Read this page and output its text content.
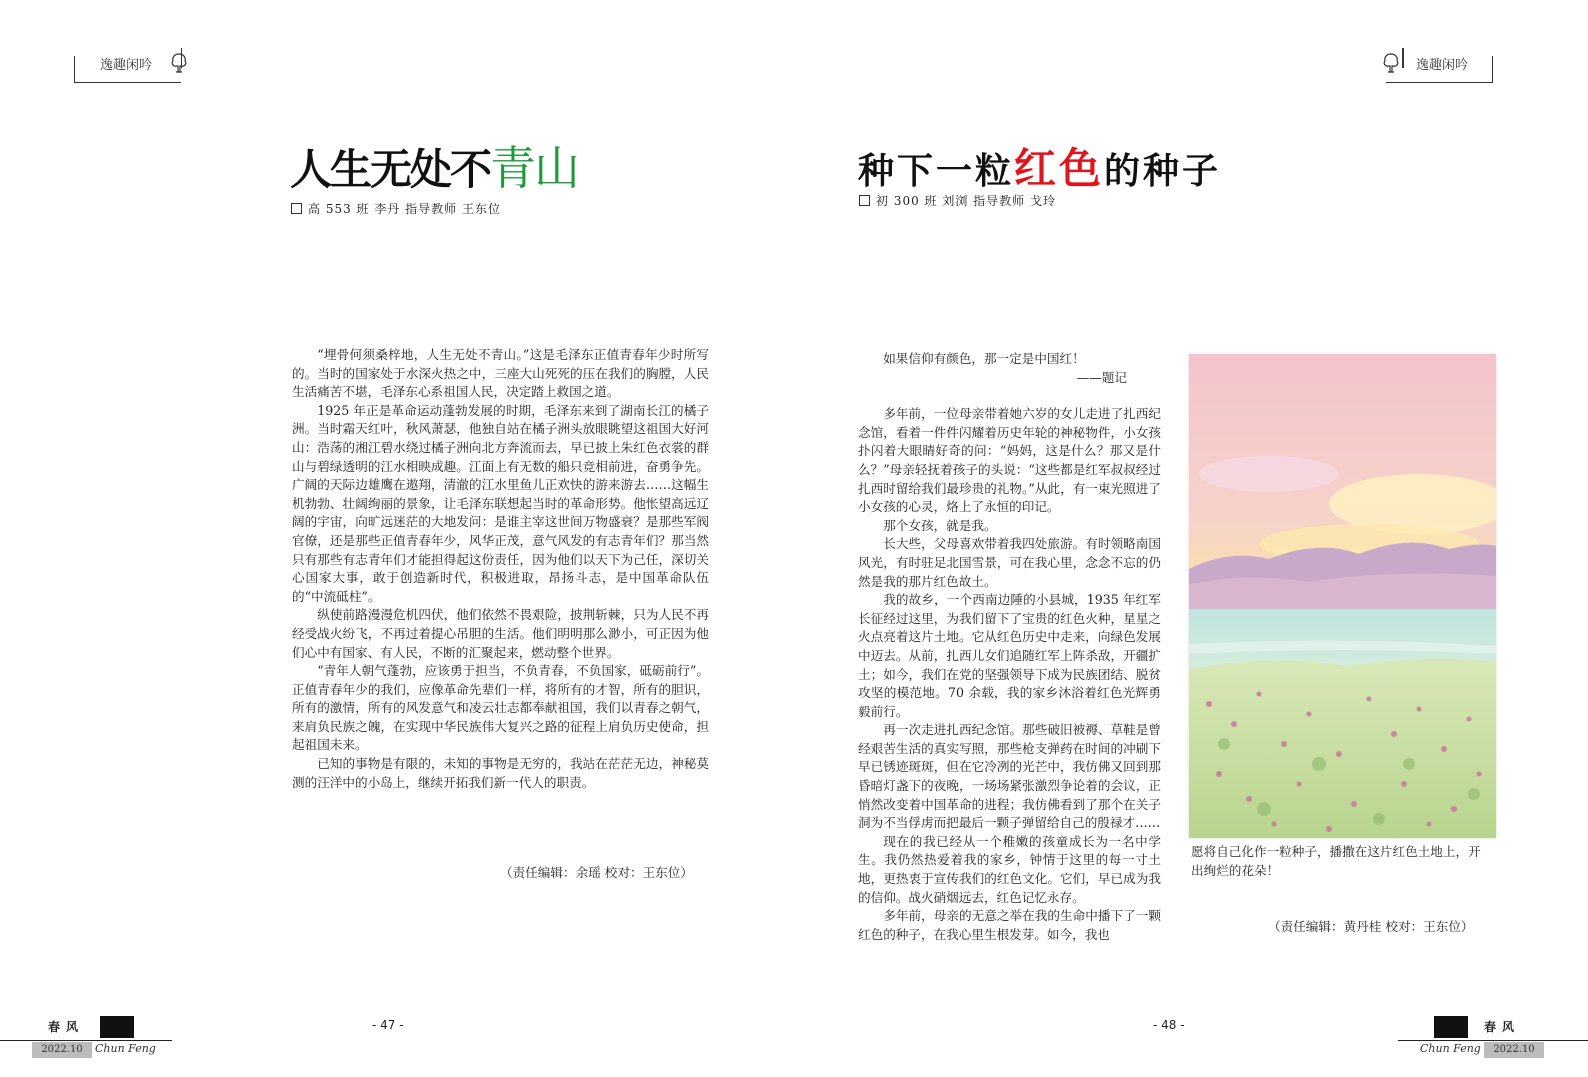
逸趣闲吟	逸趣闲吟
人生无处不青山
高 553 班 李丹 指导教师 王东位

“埋骨何须桑梓地，人生无处不青山。”这是毛泽东正值青春年少时所写的。当时的国家处于水深火热之中，三座大山死死的压在我们的胸膛，人民生活痛苦不堪，毛泽东心系祖国人民，决定踏上救国之道。

1925 年正是革命运动蓬勃发展的时期，毛泽东来到了湖南长江的橘子洲。当时霜天红叶，秋风萧瑟，他独自站在橘子洲头放眼眺望这祖国大好河山：浩荡的湘江碧水绕过橘子洲向北方奔流而去，早已披上朱红色衣裳的群山与碧绿透明的江水相映成趣。江面上有无数的船只竞相前进，奋勇争先。广阔的天际边雄鹰在遨翔，清澈的江水里鱼儿正欢快的游来游去……这幅生机勃勃、壮阔绚丽的景象，让毛泽东联想起当时的革命形势。他怅望高远辽阔的宇宙，向旷远迷茫的大地发问：是谁主宰这世间万物盛衰？是那些军阀官僚，还是那些正值青春年少，风华正茂，意气风发的有志青年们？那当然只有那些有志青年们才能担得起这份责任，因为他们以天下为己任，深切关心国家大事，敢于创造新时代，积极进取，昂扬斗志，是中国革命队伍的“中流砥柱”。

纵使前路漫漫危机四伏，他们依然不畏艰险，披荆斩棘，只为人民不再经受战火纷飞，不再过着提心吊胆的生活。他们明明那么渺小，可正因为他们心中有国家、有人民，不断的汇聚起来，燃动整个世界。

“青年人朝气蓬勃，应该勇于担当，不负青春，不负国家，砥砺前行”。正值青春年少的我们，应像革命先辈们一样，将所有的才智，所有的胆识，所有的激情，所有的风发意气和凌云壮志都奉献祖国，我们以青春之朝气，来肩负民族之魄，在实现中华民族伟大复兴之路的征程上肩负历史使命，担起祖国未来。

已知的事物是有限的，未知的事物是无穷的，我站在茫茫无边，神秘莫测的汪洋中的小岛上，继续开拓我们新一代人的职责。

（责任编辑：余瑶 校对：王东位）
种下一粒红色的种子
初 300 班 刘浏 指导教师 戈玲

如果信仰有颜色，那一定是中国红！

——题记

多年前，一位母亲带着她六岁的女儿走进了扎西纪念馆，看着一件件闪耀着历史年轮的神秘物件，小女孩扑闪着大眼睛好奇的问：“妈妈，这是什么？那又是什么？”母亲轻抚着孩子的头说：“这些都是红军叔叔经过扎西时留给我们最珍贵的礼物。”从此，有一束光照进了小女孩的心灵，烙上了永恒的印记。

那个女孩，就是我。

长大些，父母喜欢带着我四处旅游。有时领略南国风光，有时驻足北国雪景，可在我心里，念念不忘的仍然是我的那片红色故土。

我的故乡，一个西南边陲的小县城，1935 年红军长征经过这里，为我们留下了宝贵的红色火种，星星之火点亮着这片土地。它从红色历史中走来，向绿色发展中迈去。从前，扎西儿女们追随红军上阵杀敌，开疆扩土；如今，我们在党的坚强领导下成为民族团结、脱贫攻坚的模范地。70 余载，我的家乡沐浴着红色光辉勇毅前行。

再一次走进扎西纪念馆。那些破旧被褥、草鞋是曾经艰苦生活的真实写照，那些枪支弹药在时间的冲刷下早已锈迹斑斑，但在它冷冽的光芒中，我仿佛又回到那昏暗灯盏下的夜晚，一场场紧张激烈争论着的会议，正悄然改变着中国革命的进程；我仿佛看到了那个在关子洞为不当俘虏而把最后一颗子弹留给自己的殷禄才……

现在的我已经从一个稚嫩的孩童成长为一名中学生。我仍然热爱着我的家乡，钟情于这里的每一寸土地，更热衷于宣传我们的红色文化。它们，早已成为我的信仰。战火硝烟远去，红色记忆永存。

多年前，母亲的无意之举在我的生命中播下了一颗红色的种子，在我心里生根发芽。如今，我也

愿将自己化作一粒种子，播撒在这片红色土地上，开出绚烂的花朵！
（责任编辑：黄丹桂 校对：王东位）
- 47 -	- 48 -
春风
2022.10	Chun Feng
春风
Chun Feng	2022.10
